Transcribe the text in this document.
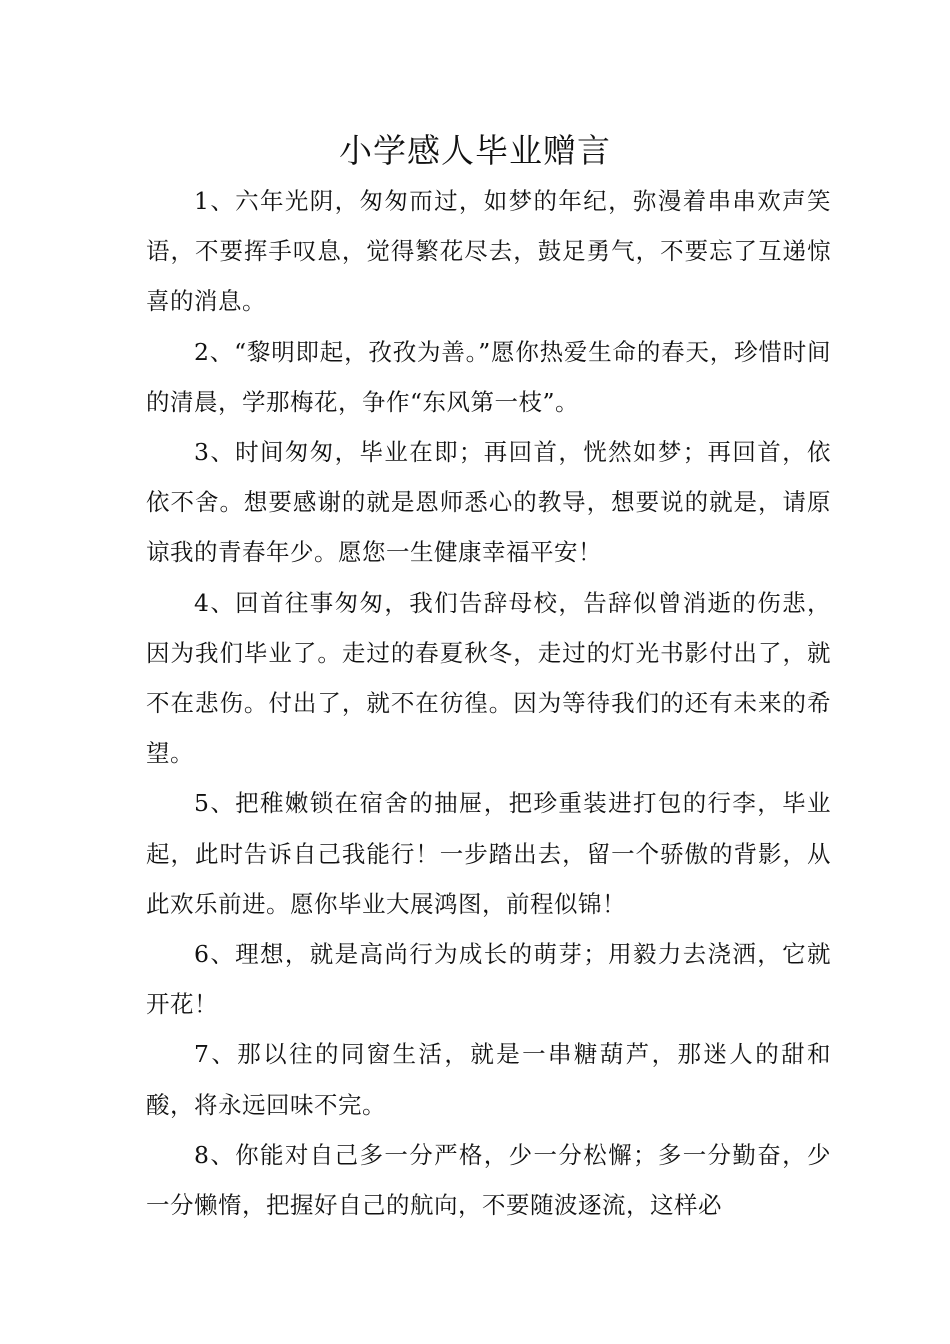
小学感人毕业赠言

1、六年光阴，匆匆而过，如梦的年纪，弥漫着串串欢声笑语，不要挥手叹息，觉得繁花尽去，鼓足勇气，不要忘了互递惊喜的消息。

2、“黎明即起，孜孜为善。”愿你热爱生命的春天，珍惜时间的清晨，学那梅花，争作“东风第一枝”。

3、时间匆匆，毕业在即；再回首，恍然如梦；再回首，依依不舍。想要感谢的就是恩师悉心的教导，想要说的就是，请原谅我的青春年少。愿您一生健康幸福平安！

4、回首往事匆匆，我们告辞母校，告辞似曾消逝的伤悲，因为我们毕业了。走过的春夏秋冬，走过的灯光书影付出了，就不在悲伤。付出了，就不在彷徨。因为等待我们的还有未来的希望。

5、把稚嫩锁在宿舍的抽屉，把珍重装进打包的行李，毕业起，此时告诉自己我能行！一步踏出去，留一个骄傲的背影，从此欢乐前进。愿你毕业大展鸿图，前程似锦！

6、理想，就是高尚行为成长的萌芽；用毅力去浇洒，它就开花！

7、那以往的同窗生活，就是一串糖葫芦，那迷人的甜和酸，将永远回味不完。

8、你能对自己多一分严格，少一分松懈；多一分勤奋，少一分懒惰，把握好自己的航向，不要随波逐流，这样必
